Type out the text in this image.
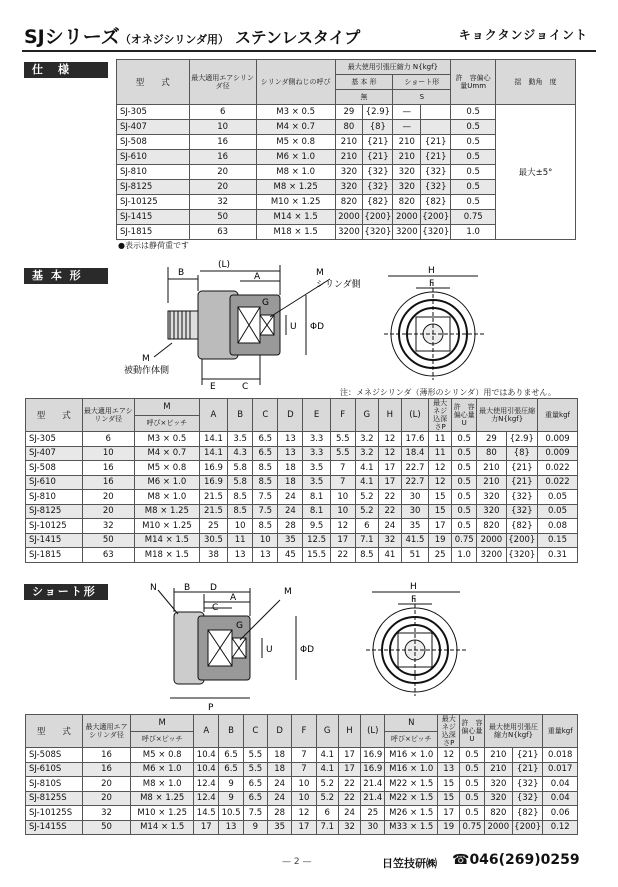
SJシリーズ（オネジシリンダ用） ステンレスタイプ	キョクタンジョイント
仕　様
型　　式	最大適用エアシリンダ径	シリンダ側ねじの呼び	最大使用引張圧縮力 N{kgf}				許　容偏心量Umm	揺　動角　度
			基 本 形		ショート形			
			無		S			
SJ-305	6	M3 × 0.5	29	{2.9}	—		0.5	最大±5°
SJ-407	10	M4 × 0.7	80	{8}	—		0.5	
SJ-508	16	M5 × 0.8	210	{21}	210	{21}	0.5	
SJ-610	16	M6 × 1.0	210	{21}	210	{21}	0.5	
SJ-810	20	M8 × 1.0	320	{32}	320	{32}	0.5	
SJ-8125	20	M8 × 1.25	320	{32}	320	{32}	0.5	
SJ-10125	32	M10 × 1.25	820	{82}	820	{82}	0.5	
SJ-1415	50	M14 × 1.5	2000	{200}	2000	{200}	0.75	
SJ-1815	63	M18 × 1.5	3200	{320}	3200	{320}	1.0	
●表示は静荷重です
基 本 形	B
(L)
A	M
シリンダ側
G
U ΦD
M
被動作体側
E	C
H
F
注：メネジシリンダ（薄形のシリンダ）用ではありません。
型　　式	最大適用エアシリンダ径	M	A	B	C	D	E	F	G	H	(L)	最大ネジ込深さP	許　容偏心量U	最大使用引張圧縮力N{kgf}		重量kgf
		呼び×ピッチ														
SJ-305	6	M3 × 0.5	14.1	3.5	6.5	13	3.3	5.5	3.2	12	17.6	11	0.5	29	{2.9}	0.009
SJ-407	10	M4 × 0.7	14.1	4.3	6.5	13	3.3	5.5	3.2	12	18.4	11	0.5	80	{8}	0.009
SJ-508	16	M5 × 0.8	16.9	5.8	8.5	18	3.5	7	4.1	17	22.7	12	0.5	210	{21}	0.022
SJ-610	16	M6 × 1.0	16.9	5.8	8.5	18	3.5	7	4.1	17	22.7	12	0.5	210	{21}	0.022
SJ-810	20	M8 × 1.0	21.5	8.5	7.5	24	8.1	10	5.2	22	30	15	0.5	320	{32}	0.05
SJ-8125	20	M8 × 1.25	21.5	8.5	7.5	24	8.1	10	5.2	22	30	15	0.5	320	{32}	0.05
SJ-10125	32	M10 × 1.25	25	10	8.5	28	9.5	12	6	24	35	17	0.5	820	{82}	0.08
SJ-1415	50	M14 × 1.5	30.5	11	10	35	12.5	17	7.1	32	41.5	19	0.75	2000	{200}	0.15
SJ-1815	63	M18 × 1.5	38	13	13	45	15.5	22	8.5	41	51	25	1.0	3200	{320}	0.31
ショート形	N	B D
A
C
G
M
U	ΦD
P
H
F
型　　式	最大適用エアシリンダ径	M	A	B	C	D	F	G	H	(L)	N	最大ネジ込深さP	許　容偏心量U	最大使用引張圧縮力N{kgf}		重量kgf
		呼び×ピッチ									呼び×ピッチ					
SJ-508S	16	M5 × 0.8	10.4	6.5	5.5	18	7	4.1	17	16.9	M16 × 1.0	12	0.5	210	{21}	0.018
SJ-610S	16	M6 × 1.0	10.4	6.5	5.5	18	7	4.1	17	16.9	M16 × 1.0	13	0.5	210	{21}	0.017
SJ-810S	20	M8 × 1.0	12.4	9	6.5	24	10	5.2	22	21.4	M22 × 1.5	15	0.5	320	{32}	0.04
SJ-8125S	20	M8 × 1.25	12.4	9	6.5	24	10	5.2	22	21.4	M22 × 1.5	15	0.5	320	{32}	0.04
SJ-10125S	32	M10 × 1.25	14.5	10.5	7.5	28	12	6	24	25	M26 × 1.5	17	0.5	820	{82}	0.06
SJ-1415S	50	M14 × 1.5	17	13	9	35	17	7.1	32	30	M33 × 1.5	19	0.75	2000	{200}	0.12
— 2 —	日笠技研㈱ ☎046(269)0259
